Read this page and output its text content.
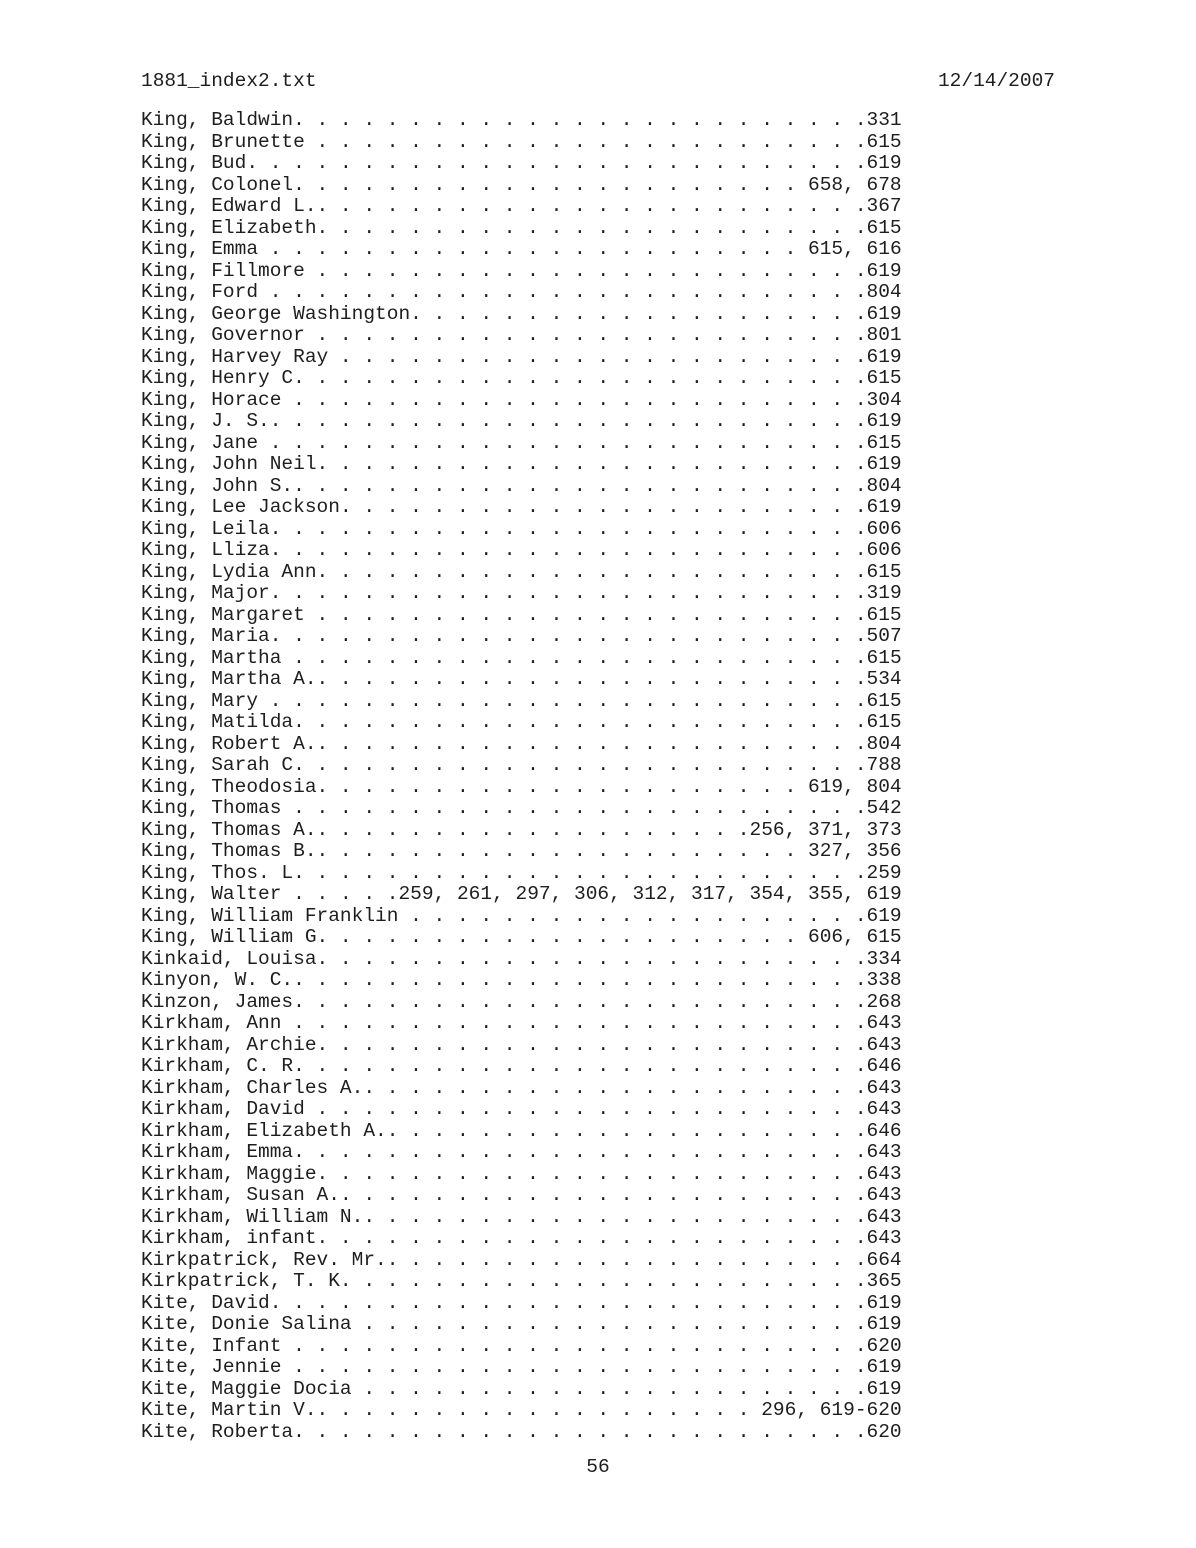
1881_index2.txt	12/14/2007
King, Baldwin. . . . . . . . . . . . . . . . . . . . . . . . .331
King, Brunette . . . . . . . . . . . . . . . . . . . . . . . .615
King, Bud. . . . . . . . . . . . . . . . . . . . . . . . . . .619
King, Colonel. . . . . . . . . . . . . . . . . . . . . . 658, 678
King, Edward L.. . . . . . . . . . . . . . . . . . . . . . . .367
King, Elizabeth. . . . . . . . . . . . . . . . . . . . . . . .615
King, Emma . . . . . . . . . . . . . . . . . . . . . . . 615, 616
King, Fillmore . . . . . . . . . . . . . . . . . . . . . . . .619
King, Ford . . . . . . . . . . . . . . . . . . . . . . . . . .804
King, George Washington. . . . . . . . . . . . . . . . . . . .619
King, Governor . . . . . . . . . . . . . . . . . . . . . . . .801
King, Harvey Ray . . . . . . . . . . . . . . . . . . . . . . .619
King, Henry C. . . . . . . . . . . . . . . . . . . . . . . . .615
King, Horace . . . . . . . . . . . . . . . . . . . . . . . . .304
King, J. S.. . . . . . . . . . . . . . . . . . . . . . . . . .619
King, Jane . . . . . . . . . . . . . . . . . . . . . . . . . .615
King, John Neil. . . . . . . . . . . . . . . . . . . . . . . .619
King, John S.. . . . . . . . . . . . . . . . . . . . . . . . .804
King, Lee Jackson. . . . . . . . . . . . . . . . . . . . . . .619
King, Leila. . . . . . . . . . . . . . . . . . . . . . . . . .606
King, Lliza. . . . . . . . . . . . . . . . . . . . . . . . . .606
King, Lydia Ann. . . . . . . . . . . . . . . . . . . . . . . .615
King, Major. . . . . . . . . . . . . . . . . . . . . . . . . .319
King, Margaret . . . . . . . . . . . . . . . . . . . . . . . .615
King, Maria. . . . . . . . . . . . . . . . . . . . . . . . . .507
King, Martha . . . . . . . . . . . . . . . . . . . . . . . . .615
King, Martha A.. . . . . . . . . . . . . . . . . . . . . . . .534
King, Mary . . . . . . . . . . . . . . . . . . . . . . . . . .615
King, Matilda. . . . . . . . . . . . . . . . . . . . . . . . .615
King, Robert A.. . . . . . . . . . . . . . . . . . . . . . . .804
King, Sarah C. . . . . . . . . . . . . . . . . . . . . . . . .788
King, Theodosia. . . . . . . . . . . . . . . . . . . . . 619, 804
King, Thomas . . . . . . . . . . . . . . . . . . . . . . . . .542
King, Thomas A.. . . . . . . . . . . . . . . . . . .256, 371, 373
King, Thomas B.. . . . . . . . . . . . . . . . . . . . . 327, 356
King, Thos. L. . . . . . . . . . . . . . . . . . . . . . . . .259
King, Walter . . . . .259, 261, 297, 306, 312, 317, 354, 355, 619
King, William Franklin . . . . . . . . . . . . . . . . . . . .619
King, William G. . . . . . . . . . . . . . . . . . . . . 606, 615
Kinkaid, Louisa. . . . . . . . . . . . . . . . . . . . . . . .334
Kinyon, W. C.. . . . . . . . . . . . . . . . . . . . . . . . .338
Kinzon, James. . . . . . . . . . . . . . . . . . . . . . . . .268
Kirkham, Ann . . . . . . . . . . . . . . . . . . . . . . . . .643
Kirkham, Archie. . . . . . . . . . . . . . . . . . . . . . . .643
Kirkham, C. R. . . . . . . . . . . . . . . . . . . . . . . . .646
Kirkham, Charles A.. . . . . . . . . . . . . . . . . . . . . .643
Kirkham, David . . . . . . . . . . . . . . . . . . . . . . . .643
Kirkham, Elizabeth A.. . . . . . . . . . . . . . . . . . . . .646
Kirkham, Emma. . . . . . . . . . . . . . . . . . . . . . . . .643
Kirkham, Maggie. . . . . . . . . . . . . . . . . . . . . . . .643
Kirkham, Susan A.. . . . . . . . . . . . . . . . . . . . . . .643
Kirkham, William N.. . . . . . . . . . . . . . . . . . . . . .643
Kirkham, infant. . . . . . . . . . . . . . . . . . . . . . . .643
Kirkpatrick, Rev. Mr.. . . . . . . . . . . . . . . . . . . . .664
Kirkpatrick, T. K. . . . . . . . . . . . . . . . . . . . . . .365
Kite, David. . . . . . . . . . . . . . . . . . . . . . . . . .619
Kite, Donie Salina . . . . . . . . . . . . . . . . . . . . . .619
Kite, Infant . . . . . . . . . . . . . . . . . . . . . . . . .620
Kite, Jennie . . . . . . . . . . . . . . . . . . . . . . . . .619
Kite, Maggie Docia . . . . . . . . . . . . . . . . . . . . . .619
Kite, Martin V.. . . . . . . . . . . . . . . . . . . 296, 619-620
Kite, Roberta. . . . . . . . . . . . . . . . . . . . . . . . .620
56
